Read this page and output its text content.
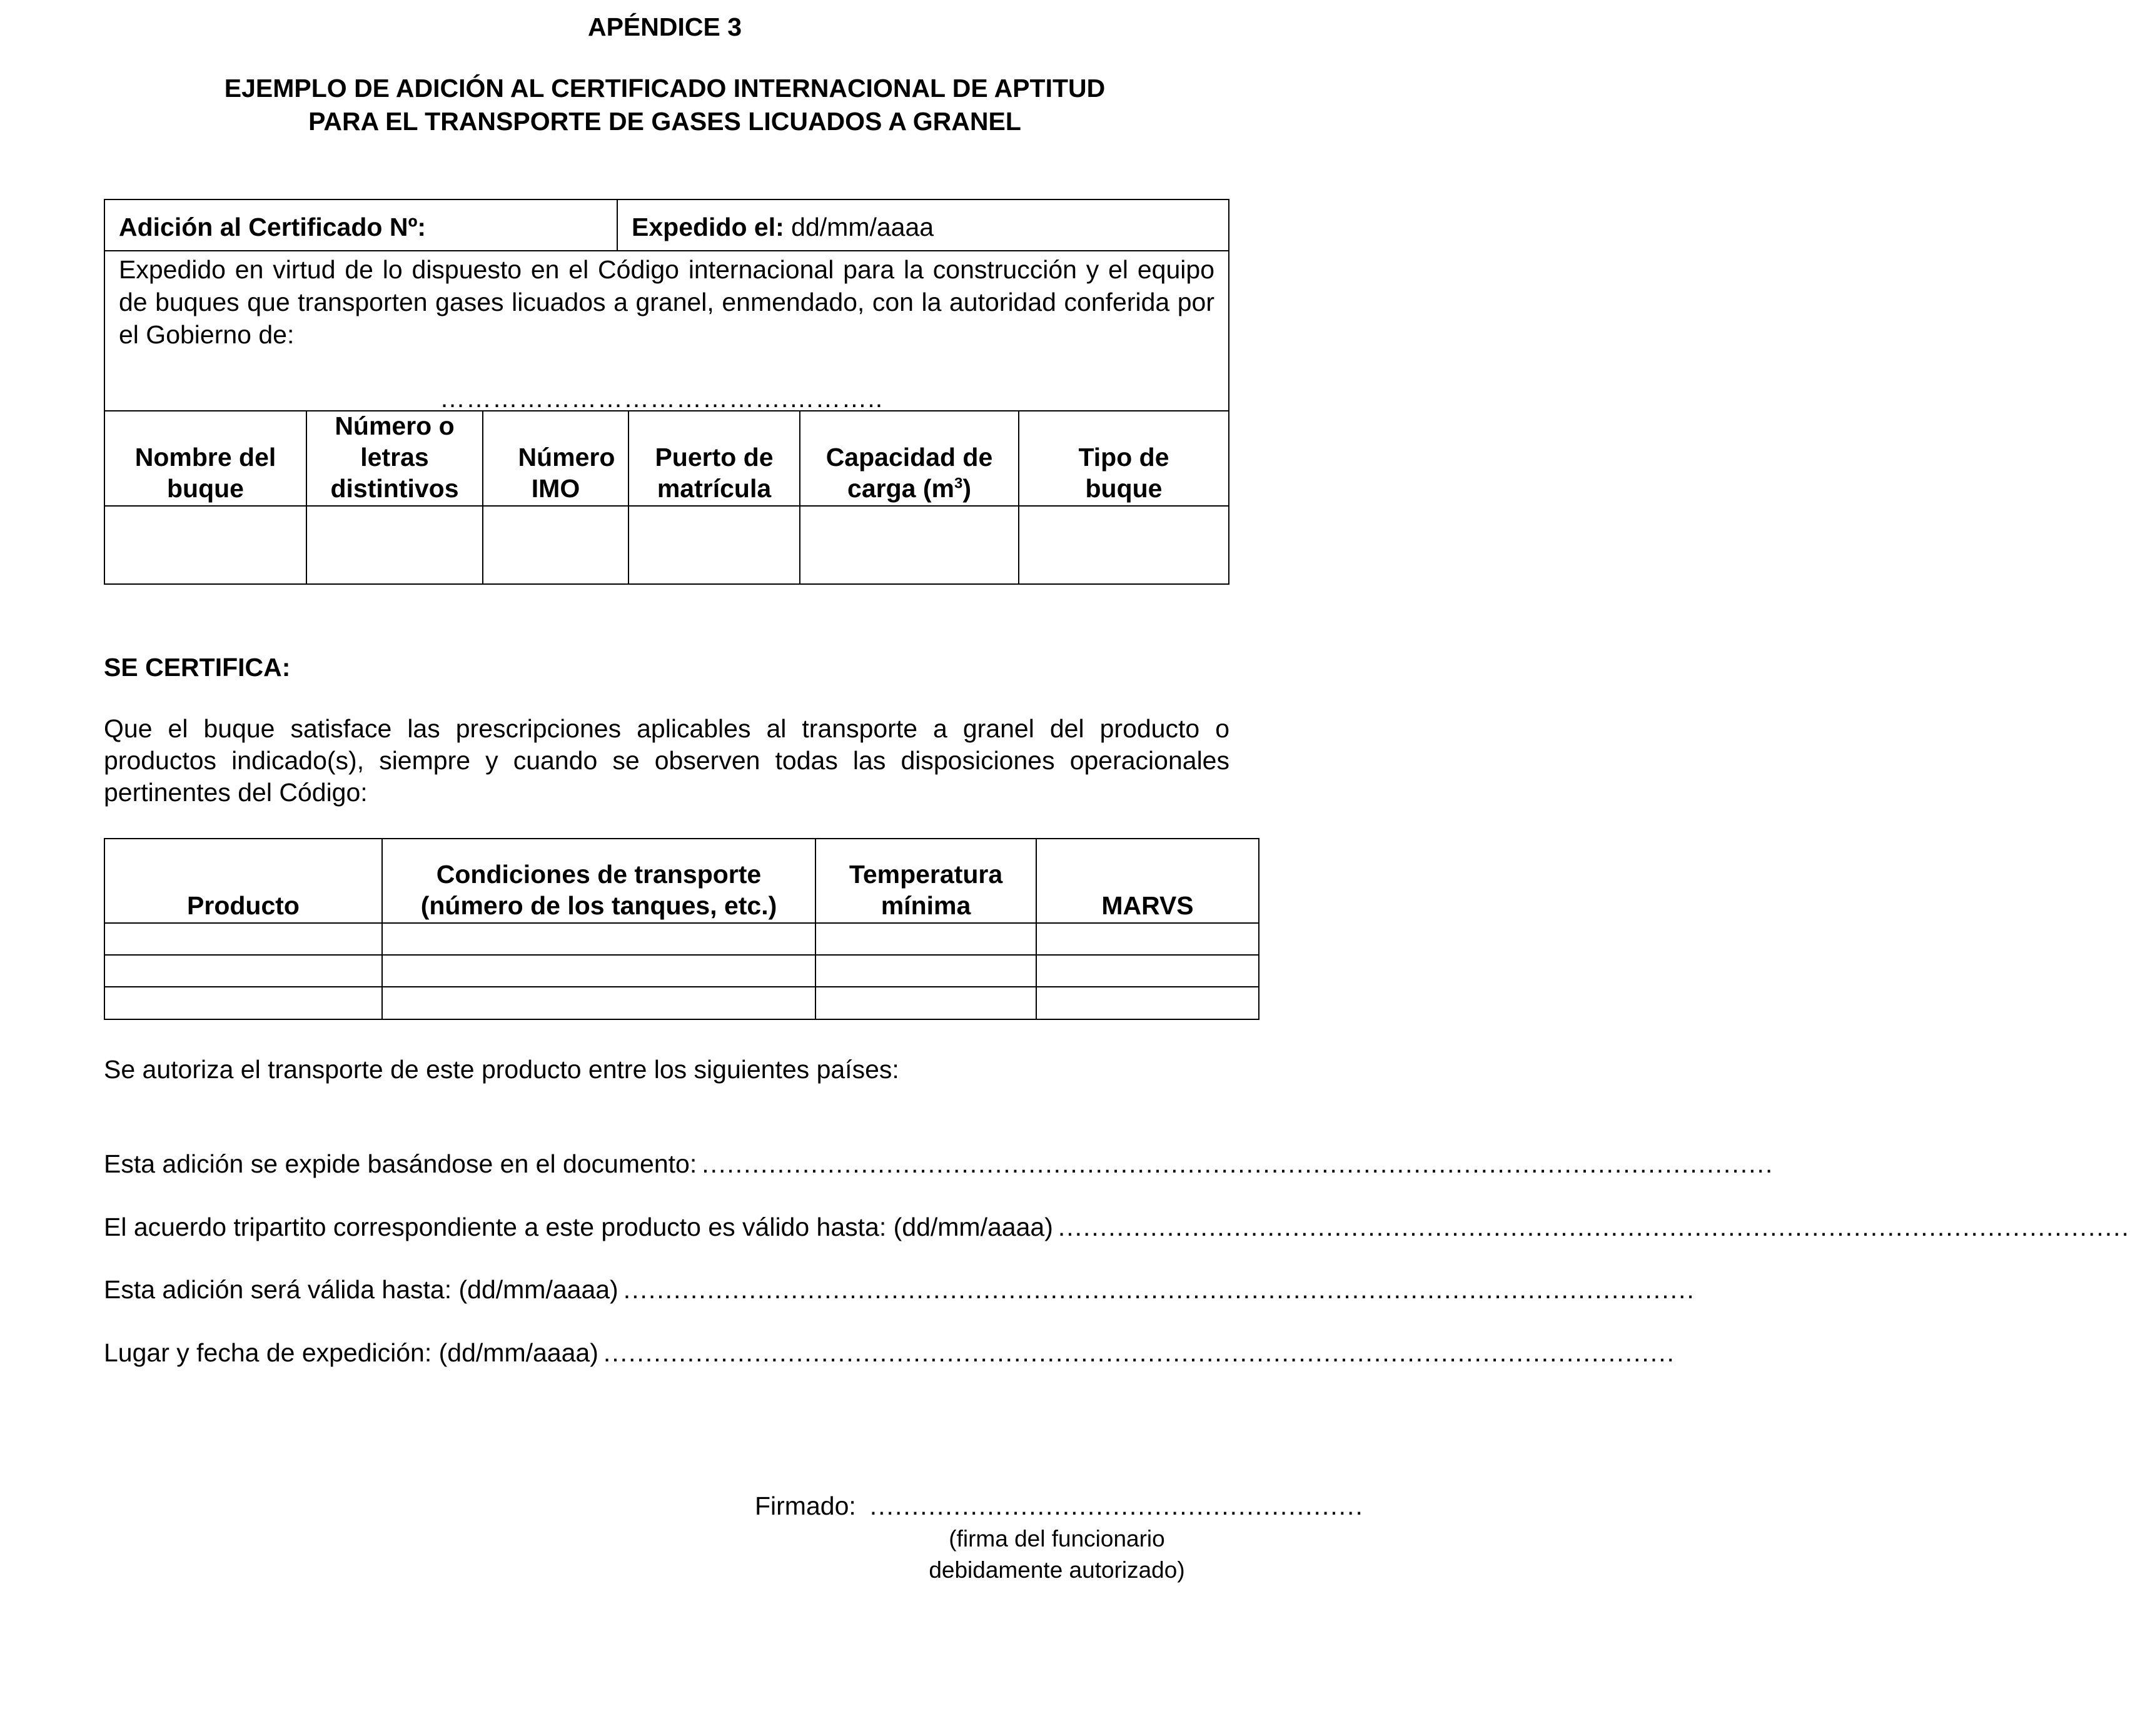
APÉNDICE 3
EJEMPLO DE ADICIÓN AL CERTIFICADO INTERNACIONAL DE APTITUD
PARA EL TRANSPORTE DE GASES LICUADOS A GRANEL
Adición al Certificado Nº:	Expedido el: dd/mm/aaaa
Expedido en virtud de lo dispuesto en el Código internacional para la construcción y el equipo de buques que transporten gases licuados a granel, enmendado, con la autoridad conferida por el Gobierno de:
………………………………….………..
Nombre del buque
Número o letras distintivos
Número IMO
Puerto de matrícula
Capacidad de carga $(m^3)$
Tipo de buque
SE CERTIFICA:
Que el buque satisface las prescripciones aplicables al transporte a granel del producto o productos indicado(s), siempre y cuando se observen todas las disposiciones operacionales pertinentes del Código:
Producto
Condiciones de transporte (número de los tanques, etc.)
Temperatura mínima	MARVS
Se autoriza el transporte de este producto entre los siguientes países:
Esta adición se expide basándose en el documento: ................................................................................................................................
El acuerdo tripartito correspondiente a este producto es válido hasta: (dd/mm/aaaa) ................................................................................................................................
Esta adición será válida hasta: (dd/mm/aaaa) ................................................................................................................................
Lugar y fecha de expedición: (dd/mm/aaaa) ................................................................................................................................
Firmado: ...........................................................
(firma del funcionario
debidamente autorizado)
